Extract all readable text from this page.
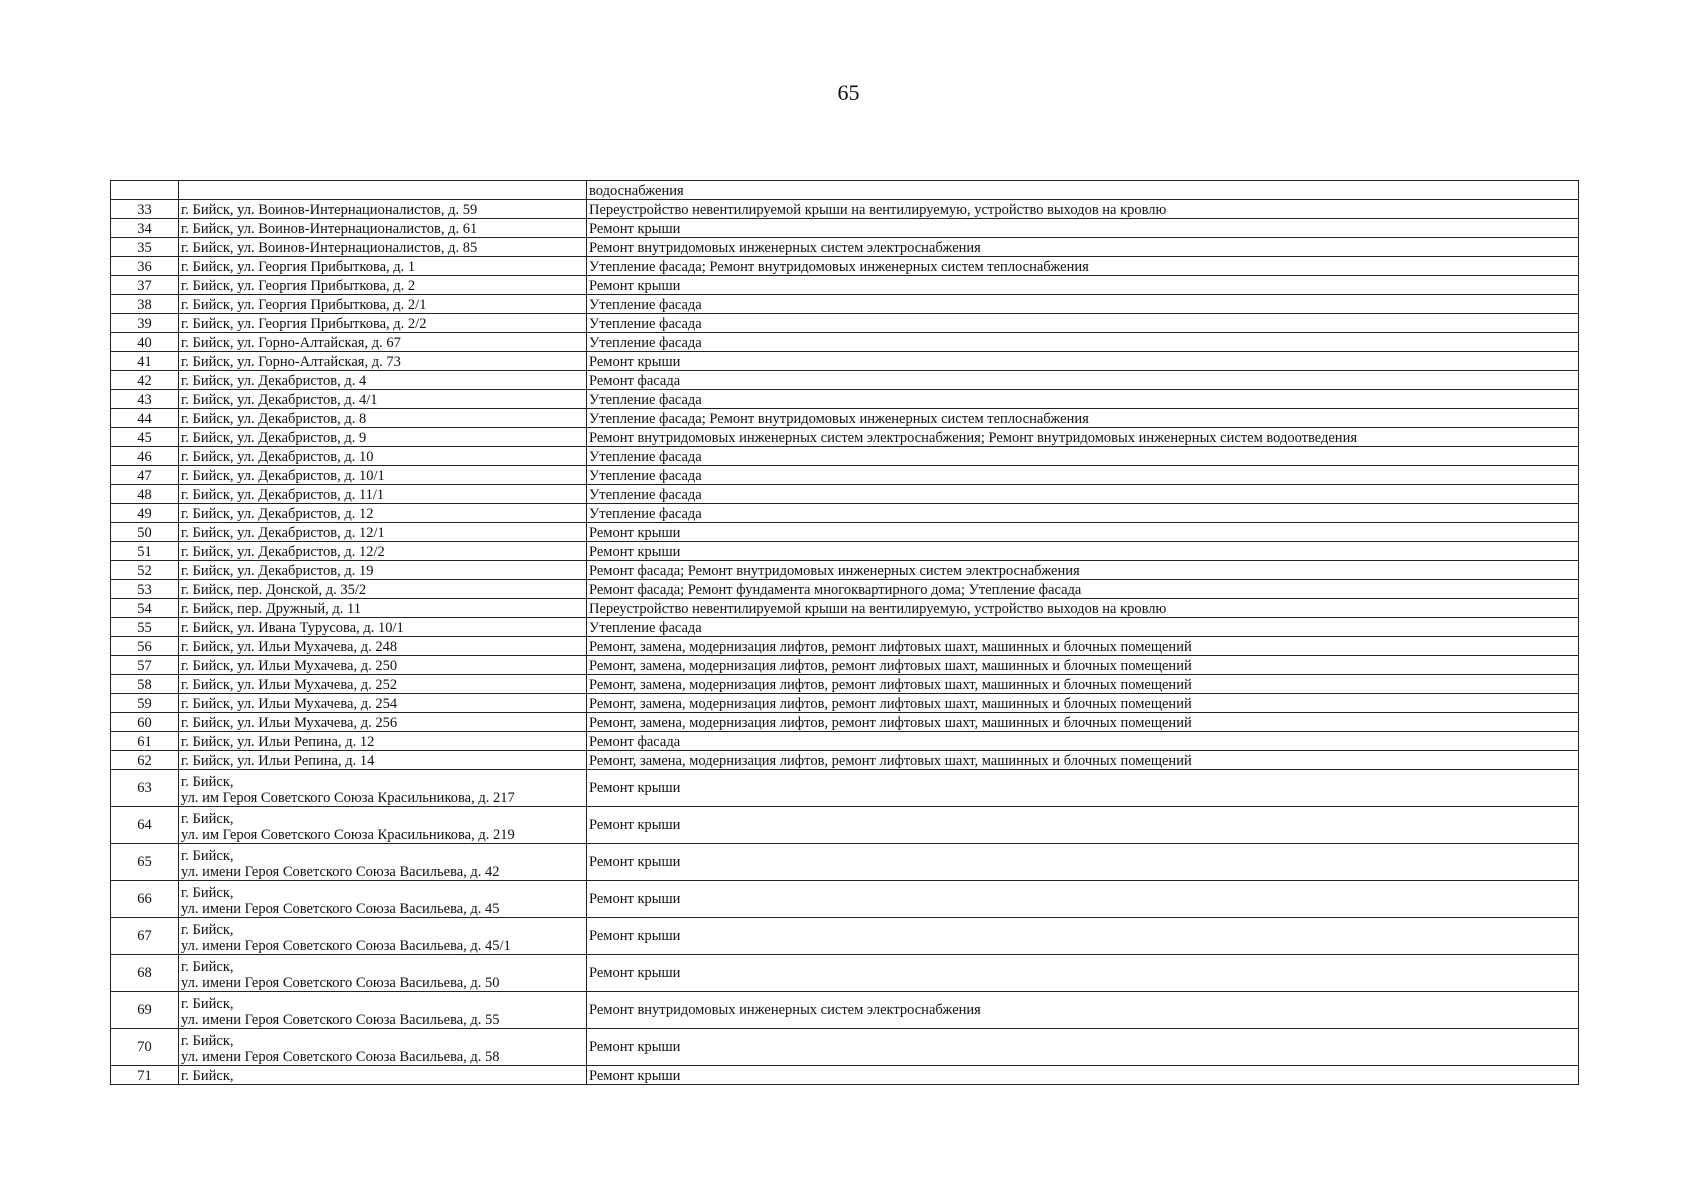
65

	водоснабжения
33	г. Бийск, ул. Воинов-Интернационалистов, д. 59	Переустройство невентилируемой крыши на вентилируемую, устройство выходов на кровлю
34	г. Бийск, ул. Воинов-Интернационалистов, д. 61	Ремонт крыши
35	г. Бийск, ул. Воинов-Интернационалистов, д. 85	Ремонт внутридомовых инженерных систем электроснабжения
36	г. Бийск, ул. Георгия Прибыткова, д. 1	Утепление фасада; Ремонт внутридомовых инженерных систем теплоснабжения
37	г. Бийск, ул. Георгия Прибыткова, д. 2	Ремонт крыши
38	г. Бийск, ул. Георгия Прибыткова, д. 2/1	Утепление фасада
39	г. Бийск, ул. Георгия Прибыткова, д. 2/2	Утепление фасада
40	г. Бийск, ул. Горно-Алтайская, д. 67	Утепление фасада
41	г. Бийск, ул. Горно-Алтайская, д. 73	Ремонт крыши
42	г. Бийск, ул. Декабристов, д. 4	Ремонт фасада
43	г. Бийск, ул. Декабристов, д. 4/1	Утепление фасада
44	г. Бийск, ул. Декабристов, д. 8	Утепление фасада; Ремонт внутридомовых инженерных систем теплоснабжения
45	г. Бийск, ул. Декабристов, д. 9	Ремонт внутридомовых инженерных систем электроснабжения; Ремонт внутридомовых инженерных систем водоотведения
46	г. Бийск, ул. Декабристов, д. 10	Утепление фасада
47	г. Бийск, ул. Декабристов, д. 10/1	Утепление фасада
48	г. Бийск, ул. Декабристов, д. 11/1	Утепление фасада
49	г. Бийск, ул. Декабристов, д. 12	Утепление фасада
50	г. Бийск, ул. Декабристов, д. 12/1	Ремонт крыши
51	г. Бийск, ул. Декабристов, д. 12/2	Ремонт крыши
52	г. Бийск, ул. Декабристов, д. 19	Ремонт фасада; Ремонт внутридомовых инженерных систем электроснабжения
53	г. Бийск, пер. Донской, д. 35/2	Ремонт фасада; Ремонт фундамента многоквартирного дома; Утепление фасада
54	г. Бийск, пер. Дружный, д. 11	Переустройство невентилируемой крыши на вентилируемую, устройство выходов на кровлю
55	г. Бийск, ул. Ивана Турусова, д. 10/1	Утепление фасада
56	г. Бийск, ул. Ильи Мухачева, д. 248	Ремонт, замена, модернизация лифтов, ремонт лифтовых шахт, машинных и блочных помещений
57	г. Бийск, ул. Ильи Мухачева, д. 250	Ремонт, замена, модернизация лифтов, ремонт лифтовых шахт, машинных и блочных помещений
58	г. Бийск, ул. Ильи Мухачева, д. 252	Ремонт, замена, модернизация лифтов, ремонт лифтовых шахт, машинных и блочных помещений
59	г. Бийск, ул. Ильи Мухачева, д. 254	Ремонт, замена, модернизация лифтов, ремонт лифтовых шахт, машинных и блочных помещений
60	г. Бийск, ул. Ильи Мухачева, д. 256	Ремонт, замена, модернизация лифтов, ремонт лифтовых шахт, машинных и блочных помещений
61	г. Бийск, ул. Ильи Репина, д. 12	Ремонт фасада
62	г. Бийск, ул. Ильи Репина, д. 14	Ремонт, замена, модернизация лифтов, ремонт лифтовых шахт, машинных и блочных помещений
63	г. Бийск,
ул. им Героя Советского Союза Красильникова, д. 217	Ремонт крыши
64	г. Бийск,
ул. им Героя Советского Союза Красильникова, д. 219	Ремонт крыши
65	г. Бийск,
ул. имени Героя Советского Союза Васильева, д. 42	Ремонт крыши
66	г. Бийск,
ул. имени Героя Советского Союза Васильева, д. 45	Ремонт крыши
67	г. Бийск,
ул. имени Героя Советского Союза Васильева, д. 45/1	Ремонт крыши
68	г. Бийск,
ул. имени Героя Советского Союза Васильева, д. 50	Ремонт крыши
69	г. Бийск,
ул. имени Героя Советского Союза Васильева, д. 55	Ремонт внутридомовых инженерных систем электроснабжения
70	г. Бийск,
ул. имени Героя Советского Союза Васильева, д. 58	Ремонт крыши
71	г. Бийск,	Ремонт крыши
